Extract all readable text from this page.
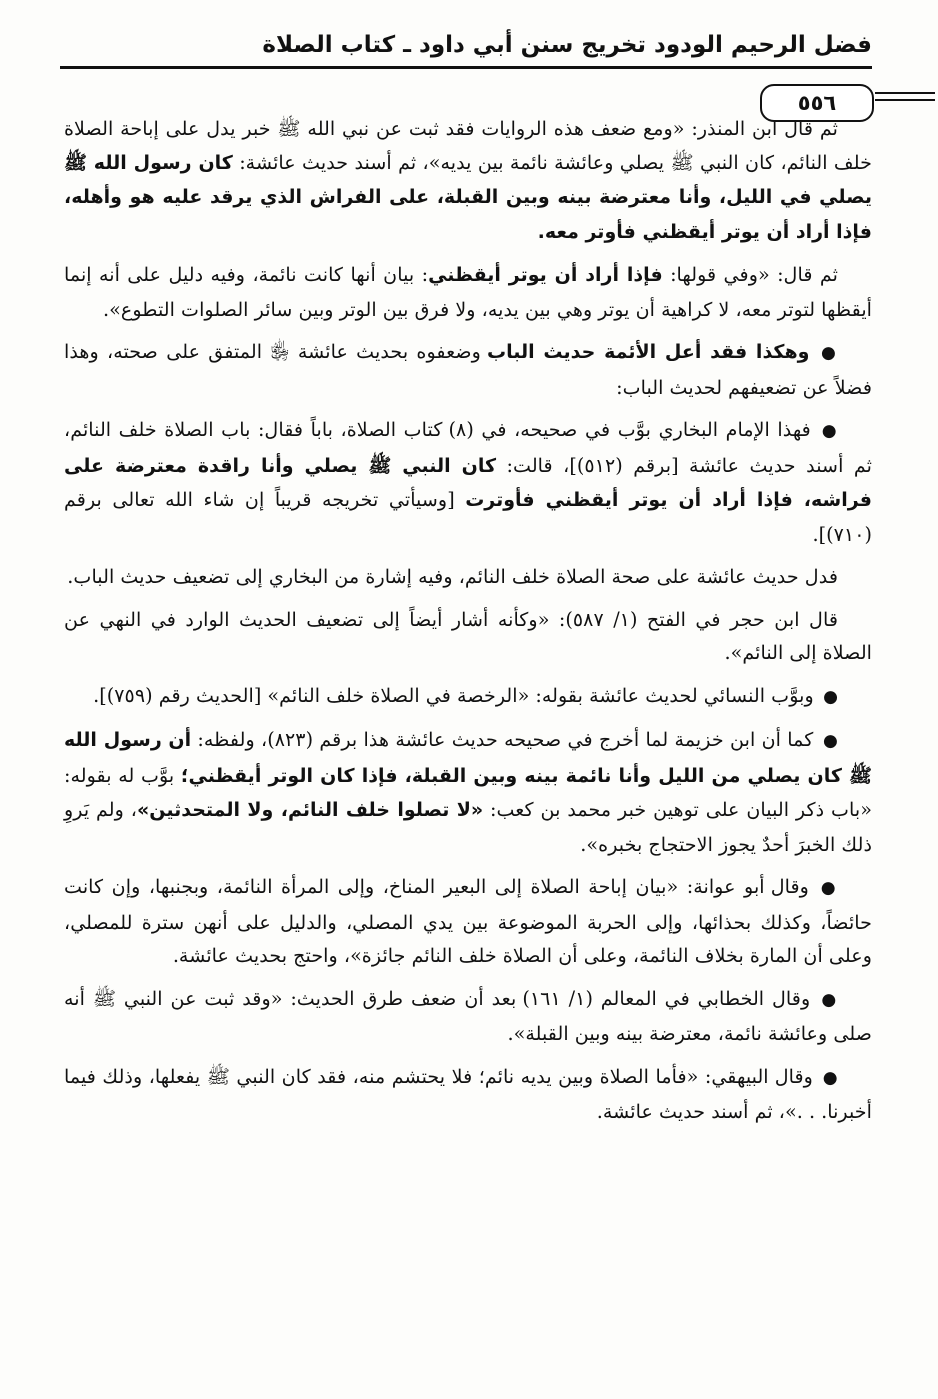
فضل الرحيم الودود تخريج سنن أبي داود ـ كتاب الصلاة
٥٥٦

ثم قال ابن المنذر: «ومع ضعف هذه الروايات فقد ثبت عن نبي الله ﷺ خبر يدل على إباحة الصلاة خلف النائم، كان النبي ﷺ يصلي وعائشة نائمة بين يديه»، ثم أسند حديث عائشة: كان رسول الله ﷺ يصلي في الليل، وأنا معترضة بينه وبين القبلة، على الفراش الذي يرقد عليه هو وأهله، فإذا أراد أن يوتر أيقظني فأوتر معه.

ثم قال: «وفي قولها: فإذا أراد أن يوتر أيقظني: بيان أنها كانت نائمة، وفيه دليل على أنه إنما أيقظها لتوتر معه، لا كراهية أن يوتر وهي بين يديه، ولا فرق بين الوتر وبين سائر الصلوات التطوع».

● وهكذا فقد أعل الأئمة حديث الباب وضعفوه بحديث عائشة ﵂ المتفق على صحته، وهذا فضلاً عن تضعيفهم لحديث الباب:

● فهذا الإمام البخاري بوَّب في صحيحه، في (٨) كتاب الصلاة، باباً فقال: باب الصلاة خلف النائم، ثم أسند حديث عائشة [برقم (٥١٢)]، قالت: كان النبي ﷺ يصلي وأنا راقدة معترضة على فراشه، فإذا أراد أن يوتر أيقظني فأوترت [وسيأتي تخريجه قريباً إن شاء الله تعالى برقم (٧١٠)].

فدل حديث عائشة على صحة الصلاة خلف النائم، وفيه إشارة من البخاري إلى تضعيف حديث الباب.

قال ابن حجر في الفتح (١/ ٥٨٧): «وكأنه أشار أيضاً إلى تضعيف الحديث الوارد في النهي عن الصلاة إلى النائم».

● وبوَّب النسائي لحديث عائشة بقوله: «الرخصة في الصلاة خلف النائم» [الحديث رقم (٧٥٩)].

● كما أن ابن خزيمة لما أخرج في صحيحه حديث عائشة هذا برقم (٨٢٣)، ولفظه: أن رسول الله ﷺ كان يصلي من الليل وأنا نائمة بينه وبين القبلة، فإذا كان الوتر أيقظني؛ بوَّب له بقوله: «باب ذكر البيان على توهين خبر محمد بن كعب: «لا تصلوا خلف النائم، ولا المتحدثين»، ولم يَروِ ذلك الخبرَ أحدٌ يجوز الاحتجاج بخبره».

● وقال أبو عوانة: «بيان إباحة الصلاة إلى البعير المناخ، وإلى المرأة النائمة، وبجنبها، وإن كانت حائضاً، وكذلك بحذائها، وإلى الحربة الموضوعة بين يدي المصلي، والدليل على أنهن سترة للمصلي، وعلى أن المارة بخلاف النائمة، وعلى أن الصلاة خلف النائم جائزة»، واحتج بحديث عائشة.

● وقال الخطابي في المعالم (١/ ١٦١) بعد أن ضعف طرق الحديث: «وقد ثبت عن النبي ﷺ أنه صلى وعائشة نائمة، معترضة بينه وبين القبلة».

● وقال البيهقي: «فأما الصلاة وبين يديه نائم؛ فلا يحتشم منه، فقد كان النبي ﷺ يفعلها، وذلك فيما أخبرنا. . .»، ثم أسند حديث عائشة.
